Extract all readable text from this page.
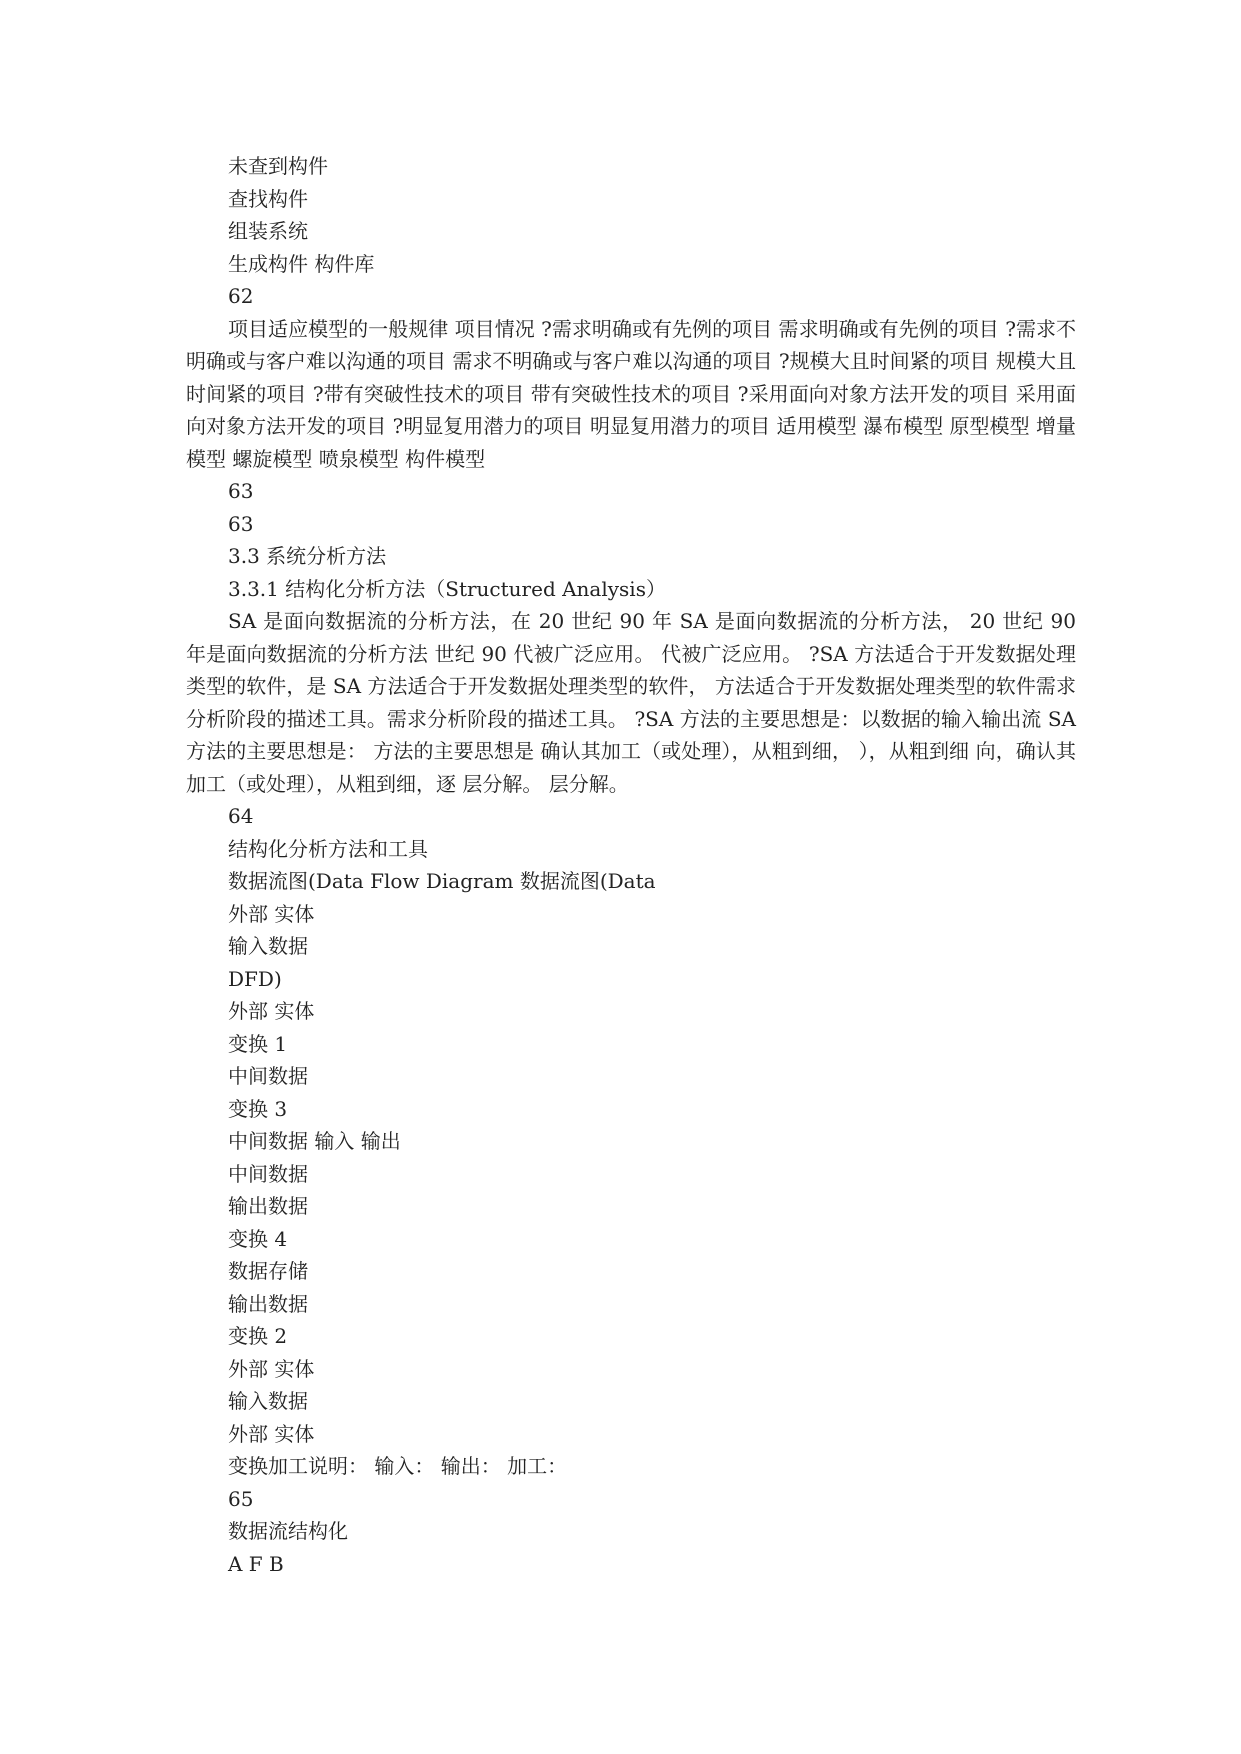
未查到构件

查找构件

组装系统

生成构件 构件库

62

项目适应模型的一般规律 项目情况 ?需求明确或有先例的项目 需求明确或有先例的项目 ?需求不明确或与客户难以沟通的项目 需求不明确或与客户难以沟通的项目 ?规模大且时间紧的项目 规模大且时间紧的项目 ?带有突破性技术的项目 带有突破性技术的项目 ?采用面向对象方法开发的项目 采用面向对象方法开发的项目 ?明显复用潜力的项目 明显复用潜力的项目 适用模型 瀑布模型 原型模型 增量模型 螺旋模型 喷泉模型 构件模型

63

63

3.3 系统分析方法

3.3.1 结构化分析方法（Structured Analysis）

SA 是面向数据流的分析方法，在 20 世纪 90 年 SA 是面向数据流的分析方法， 20 世纪 90 年是面向数据流的分析方法 世纪 90 代被广泛应用。 代被广泛应用。 ?SA 方法适合于开发数据处理类型的软件，是 SA 方法适合于开发数据处理类型的软件， 方法适合于开发数据处理类型的软件需求分析阶段的描述工具。需求分析阶段的描述工具。 ?SA 方法的主要思想是：以数据的输入输出流 SA 方法的主要思想是： 方法的主要思想是 确认其加工（或处理），从粗到细， ），从粗到细 向，确认其加工（或处理），从粗到细，逐 层分解。 层分解。

64

结构化分析方法和工具

数据流图(Data Flow Diagram 数据流图(Data

外部 实体

输入数据

DFD)

外部 实体

变换 1

中间数据

变换 3

中间数据 输入 输出

中间数据

输出数据

变换 4

数据存储

输出数据

变换 2

外部 实体

输入数据

外部 实体

变换加工说明： 输入： 输出： 加工：

65

数据流结构化

A F B
